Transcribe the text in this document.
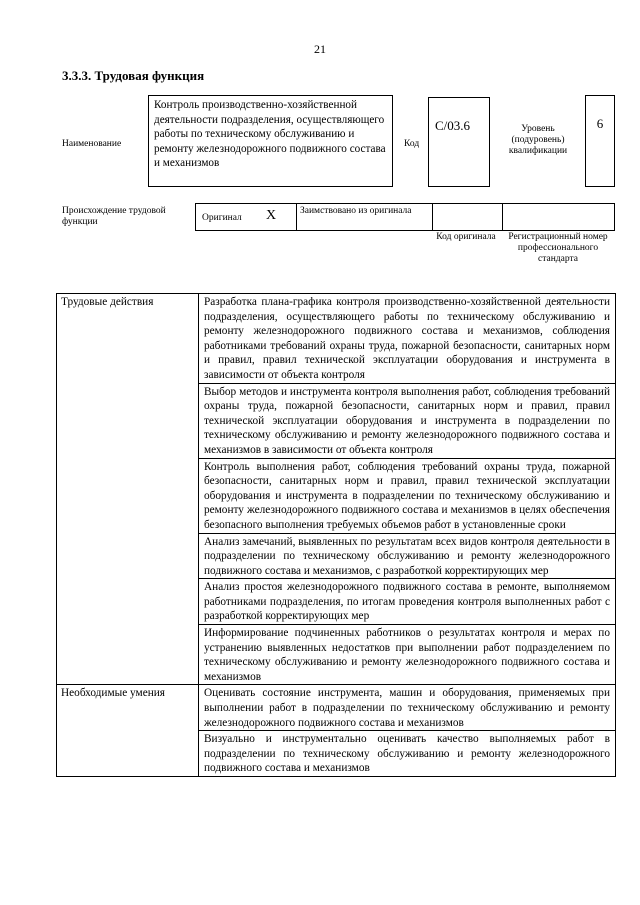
21
3.3.3. Трудовая функция
Наименование
Контроль производственно-хозяйственной деятельности подразделения, осуществляющего работы по техническому обслуживанию и ремонту железнодорожного подвижного состава и механизмов
Код
C/03.6	Уровень (подуровень) квалификации
6
Происхождение трудовой функции	Оригинал X	Заимствовано из оригинала
Код оригинала	Регистрационный номер профессионального стандарта
Трудовые действия	Разработка плана-графика контроля производственно-хозяйственной деятельности подразделения, осуществляющего работы по техническому обслуживанию и ремонту железнодорожного подвижного состава и механизмов, соблюдения работниками требований охраны труда, пожарной безопасности, санитарных норм и правил, правил технической эксплуатации оборудования и инструмента в зависимости от объекта контроля
	Выбор методов и инструмента контроля выполнения работ, соблюдения требований охраны труда, пожарной безопасности, санитарных норм и правил, правил технической эксплуатации оборудования и инструмента в подразделении по техническому обслуживанию и ремонту железнодорожного подвижного состава и механизмов в зависимости от объекта контроля
	Контроль выполнения работ, соблюдения требований охраны труда, пожарной безопасности, санитарных норм и правил, правил технической эксплуатации оборудования и инструмента в подразделении по техническому обслуживанию и ремонту железнодорожного подвижного состава и механизмов в целях обеспечения безопасного выполнения требуемых объемов работ в установленные сроки
	Анализ замечаний, выявленных по результатам всех видов контроля деятельности в подразделении по техническому обслуживанию и ремонту железнодорожного подвижного состава и механизмов, с разработкой корректирующих мер
	Анализ простоя железнодорожного подвижного состава в ремонте, выполняемом работниками подразделения, по итогам проведения контроля выполненных работ с разработкой корректирующих мер
	Информирование подчиненных работников о результатах контроля и мерах по устранению выявленных недостатков при выполнении работ подразделением по техническому обслуживанию и ремонту железнодорожного подвижного состава и механизмов
Необходимые умения	Оценивать состояние инструмента, машин и оборудования, применяемых при выполнении работ в подразделении по техническому обслуживанию и ремонту железнодорожного подвижного состава и механизмов
	Визуально и инструментально оценивать качество выполняемых работ в подразделении по техническому обслуживанию и ремонту железнодорожного подвижного состава и механизмов
